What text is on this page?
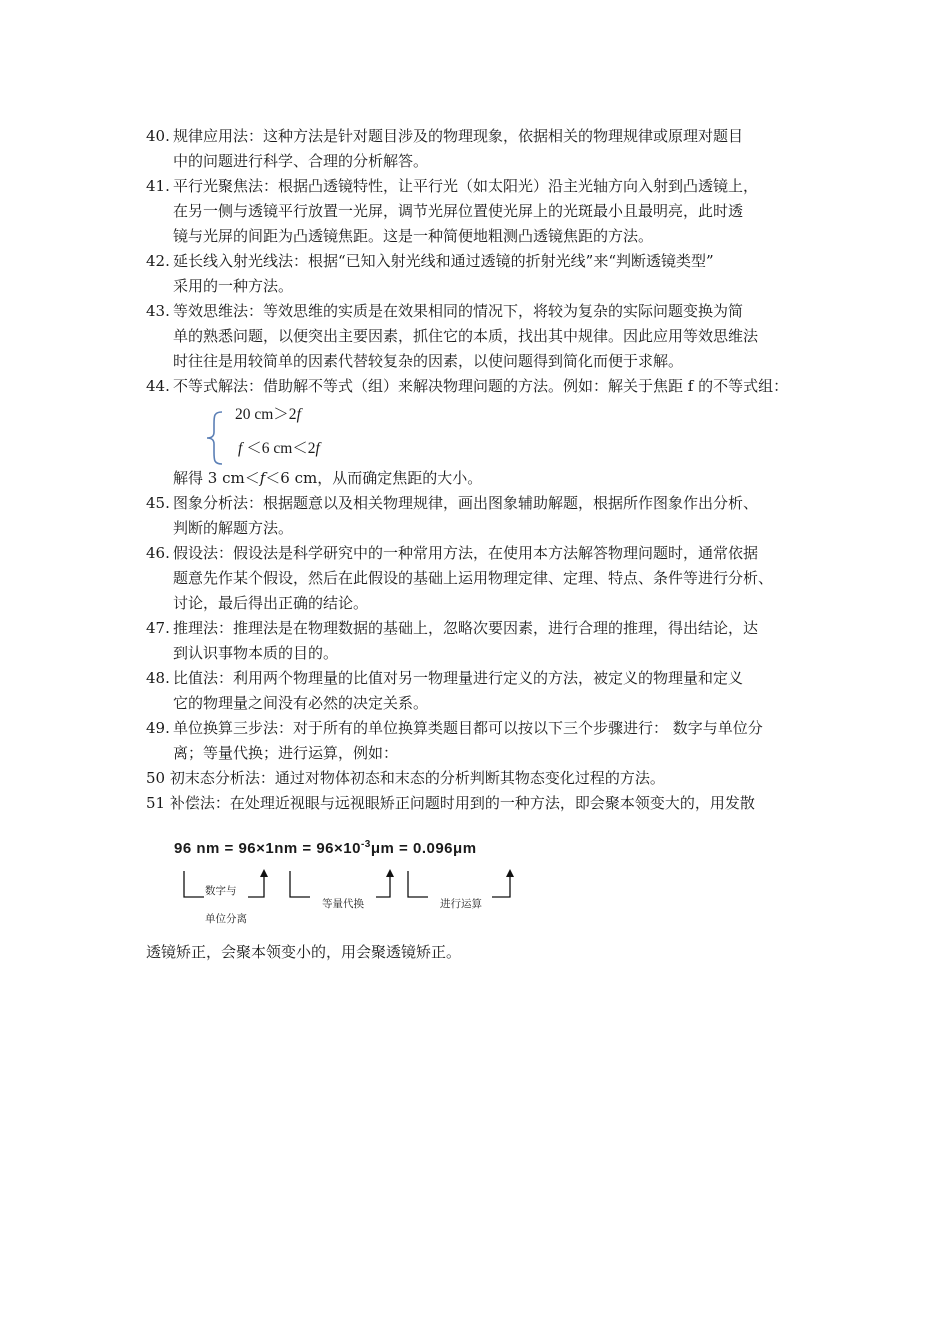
40. 规律应用法：这种方法是针对题目涉及的物理现象，依据相关的物理规律或原理对题目
中的问题进行科学、合理的分析解答。
41. 平行光聚焦法：根据凸透镜特性，让平行光（如太阳光）沿主光轴方向入射到凸透镜上，
在另一侧与透镜平行放置一光屏，调节光屏位置使光屏上的光斑最小且最明亮，此时透
镜与光屏的间距为凸透镜焦距。这是一种简便地粗测凸透镜焦距的方法。
42. 延长线入射光线法：根据“已知入射光线和通过透镜的折射光线”来“判断透镜类型”
采用的一种方法。
43. 等效思维法：等效思维的实质是在效果相同的情况下，将较为复杂的实际问题变换为简
单的熟悉问题，以便突出主要因素，抓住它的本质，找出其中规律。因此应用等效思维法
时往往是用较简单的因素代替较复杂的因素，以使问题得到简化而便于求解。
44. 不等式解法：借助解不等式（组）来解决物理问题的方法。例如：解关于焦距 f 的不等式组：
20 cm＞2f
f ＜6 cm＜2f
解得 3 cm＜f＜6 cm，从而确定焦距的大小。
45. 图象分析法：根据题意以及相关物理规律，画出图象辅助解题，根据所作图象作出分析、
判断的解题方法。
46. 假设法：假设法是科学研究中的一种常用方法，在使用本方法解答物理问题时，通常依据
题意先作某个假设，然后在此假设的基础上运用物理定律、定理、特点、条件等进行分析、
讨论，最后得出正确的结论。
47. 推理法：推理法是在物理数据的基础上，忽略次要因素，进行合理的推理，得出结论，达
到认识事物本质的目的。
48. 比值法：利用两个物理量的比值对另一物理量进行定义的方法，被定义的物理量和定义
它的物理量之间没有必然的决定关系。
49. 单位换算三步法：对于所有的单位换算类题目都可以按以下三个步骤进行： 数字与单位分
离；等量代换；进行运算，例如：
50 初末态分析法：通过对物体初态和末态的分析判断其物态变化过程的方法。
51 补偿法：在处理近视眼与远视眼矫正问题时用到的一种方法，即会聚本领变大的，用发散
96 nm = $96\times 1nm = 96\times 10^{-3}\mu m = 0.096\mu m$
数字与
单位分离
等量代换	进行运算
透镜矫正，会聚本领变小的，用会聚透镜矫正。
